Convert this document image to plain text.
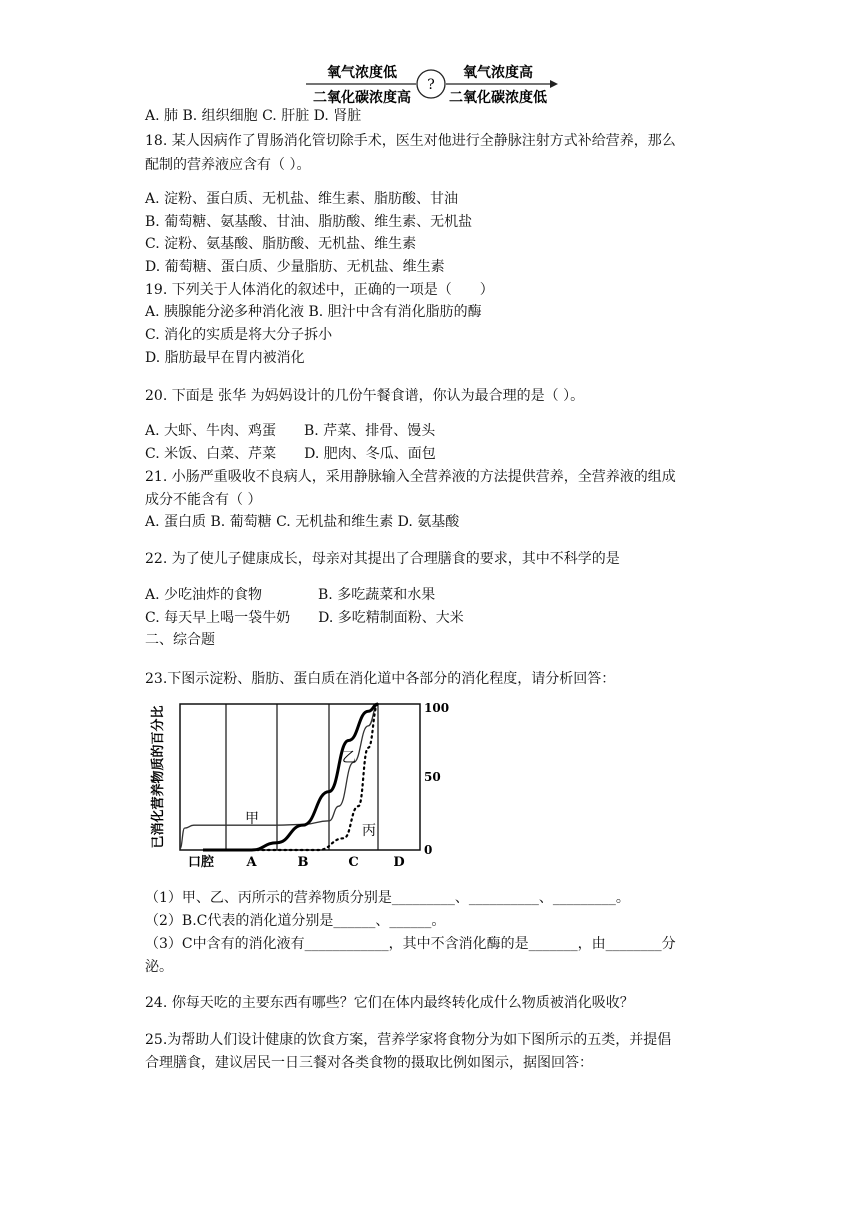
氧气浓度低
二氧化碳浓度高
?
氧气浓度高
二氧化碳浓度低
A. 肺 B. 组织细胞 C. 肝脏 D. 肾脏
18. 某人因病作了胃肠消化管切除手术，医生对他进行全静脉注射方式补给营养，那么
配制的营养液应含有（ ）。
A. 淀粉、蛋白质、无机盐、维生素、脂肪酸、甘油
B. 葡萄糖、氨基酸、甘油、脂肪酸、维生素、无机盐
C. 淀粉、氨基酸、脂肪酸、无机盐、维生素
D. 葡萄糖、蛋白质、少量脂肪、无机盐、维生素
19. 下列关于人体消化的叙述中，正确的一项是（　　）
A. 胰腺能分泌多种消化液 B. 胆汁中含有消化脂肪的酶
C. 消化的实质是将大分子拆小
D. 脂肪最早在胃内被消化
20. 下面是 张华 为妈妈设计的几份午餐食谱，你认为最合理的是（ ）。
A. 大虾、牛肉、鸡蛋　　B. 芹菜、排骨、馒头
C. 米饭、白菜、芹菜　　D. 肥肉、冬瓜、面包
21. 小肠严重吸收不良病人，采用静脉输入全营养液的方法提供营养，全营养液的组成
成分不能含有（ ）
A. 蛋白质 B. 葡萄糖 C. 无机盐和维生素 D. 氨基酸
22. 为了使儿子健康成长，母亲对其提出了合理膳食的要求，其中不科学的是
A. 少吃油炸的食物　　　　B. 多吃蔬菜和水果
C. 每天早上喝一袋牛奶　　D. 多吃精制面粉、大米
二、综合题
23.下图示淀粉、脂肪、蛋白质在消化道中各部分的消化程度，请分析回答：
已消化营养物质的百分比	100
50
0
口腔 A	B	C	D
甲
乙
丙
（1）甲、乙、丙所示的营养物质分别是_________、__________、_________。
（2）B.C代表的消化道分别是______、______。
（3）C中含有的消化液有____________，其中不含消化酶的是_______，由________分
泌。
24. 你每天吃的主要东西有哪些？它们在体内最终转化成什么物质被消化吸收？
25.为帮助人们设计健康的饮食方案，营养学家将食物分为如下图所示的五类，并提倡
合理膳食，建议居民一日三餐对各类食物的摄取比例如图示，据图回答：
